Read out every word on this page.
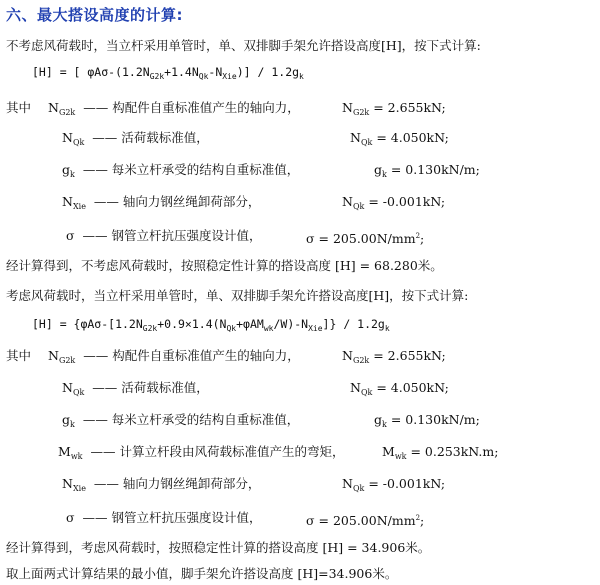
六、最大搭设高度的计算:
不考虑风荷载时，当立杆采用单管时，单、双排脚手架允许搭设高度[H]，按下式计算:
[H] = [ φAσ-$(1.2N_{G2k}+1.4N_{Qk}-N_{Xie})] / 1.2g_k$
其中 $N_{G2k}$ —— 构配件自重标准值产生的轴向力，	$N_{G2k} = 2.655kN$;
$N_{Qk}$ —— 活荷载标准值，	$N_{Qk} = 4.050kN$;
$g_k$ —— 每米立杆承受的结构自重标准值，	$g_k = 0.130kN/m$;
$N_{Xie}$ —— 轴向力钢丝绳卸荷部分，	$N_{Qk} = -0.001kN$;
σ —— 钢管立杆抗压强度设计值，	$\sigma = 205.00N/mm^2$;
经计算得到，不考虑风荷载时，按照稳定性计算的搭设高度 [H] = 68.280米。
考虑风荷载时，当立杆采用单管时，单、双排脚手架允许搭设高度[H]，按下式计算:
$[H] = \{\varphi A\sigma-[1.2N_{G2k}+0.9\times 1.4(N_{Qk}+\varphi AM_{wk}/W)-N_{Xie}]\} / 1.2g_k$
其中 $N_{G2k}$ —— 构配件自重标准值产生的轴向力，	$N_{G2k} = 2.655kN$;
$N_{Qk}$ —— 活荷载标准值，	$N_{Qk} = 4.050kN$;
$g_k$ —— 每米立杆承受的结构自重标准值，	$g_k = 0.130kN/m$;
$M_{wk}$ —— 计算立杆段由风荷载标准值产生的弯矩，	$M_{wk} = 0.253kN.m$;
$N_{Xie}$ —— 轴向力钢丝绳卸荷部分，	$N_{Qk} = -0.001kN$;
σ —— 钢管立杆抗压强度设计值，	$\sigma = 205.00N/mm^2$;
经计算得到，考虑风荷载时，按照稳定性计算的搭设高度 [H] = 34.906米。
取上面两式计算结果的最小值，脚手架允许搭设高度 [H]=34.906米。
